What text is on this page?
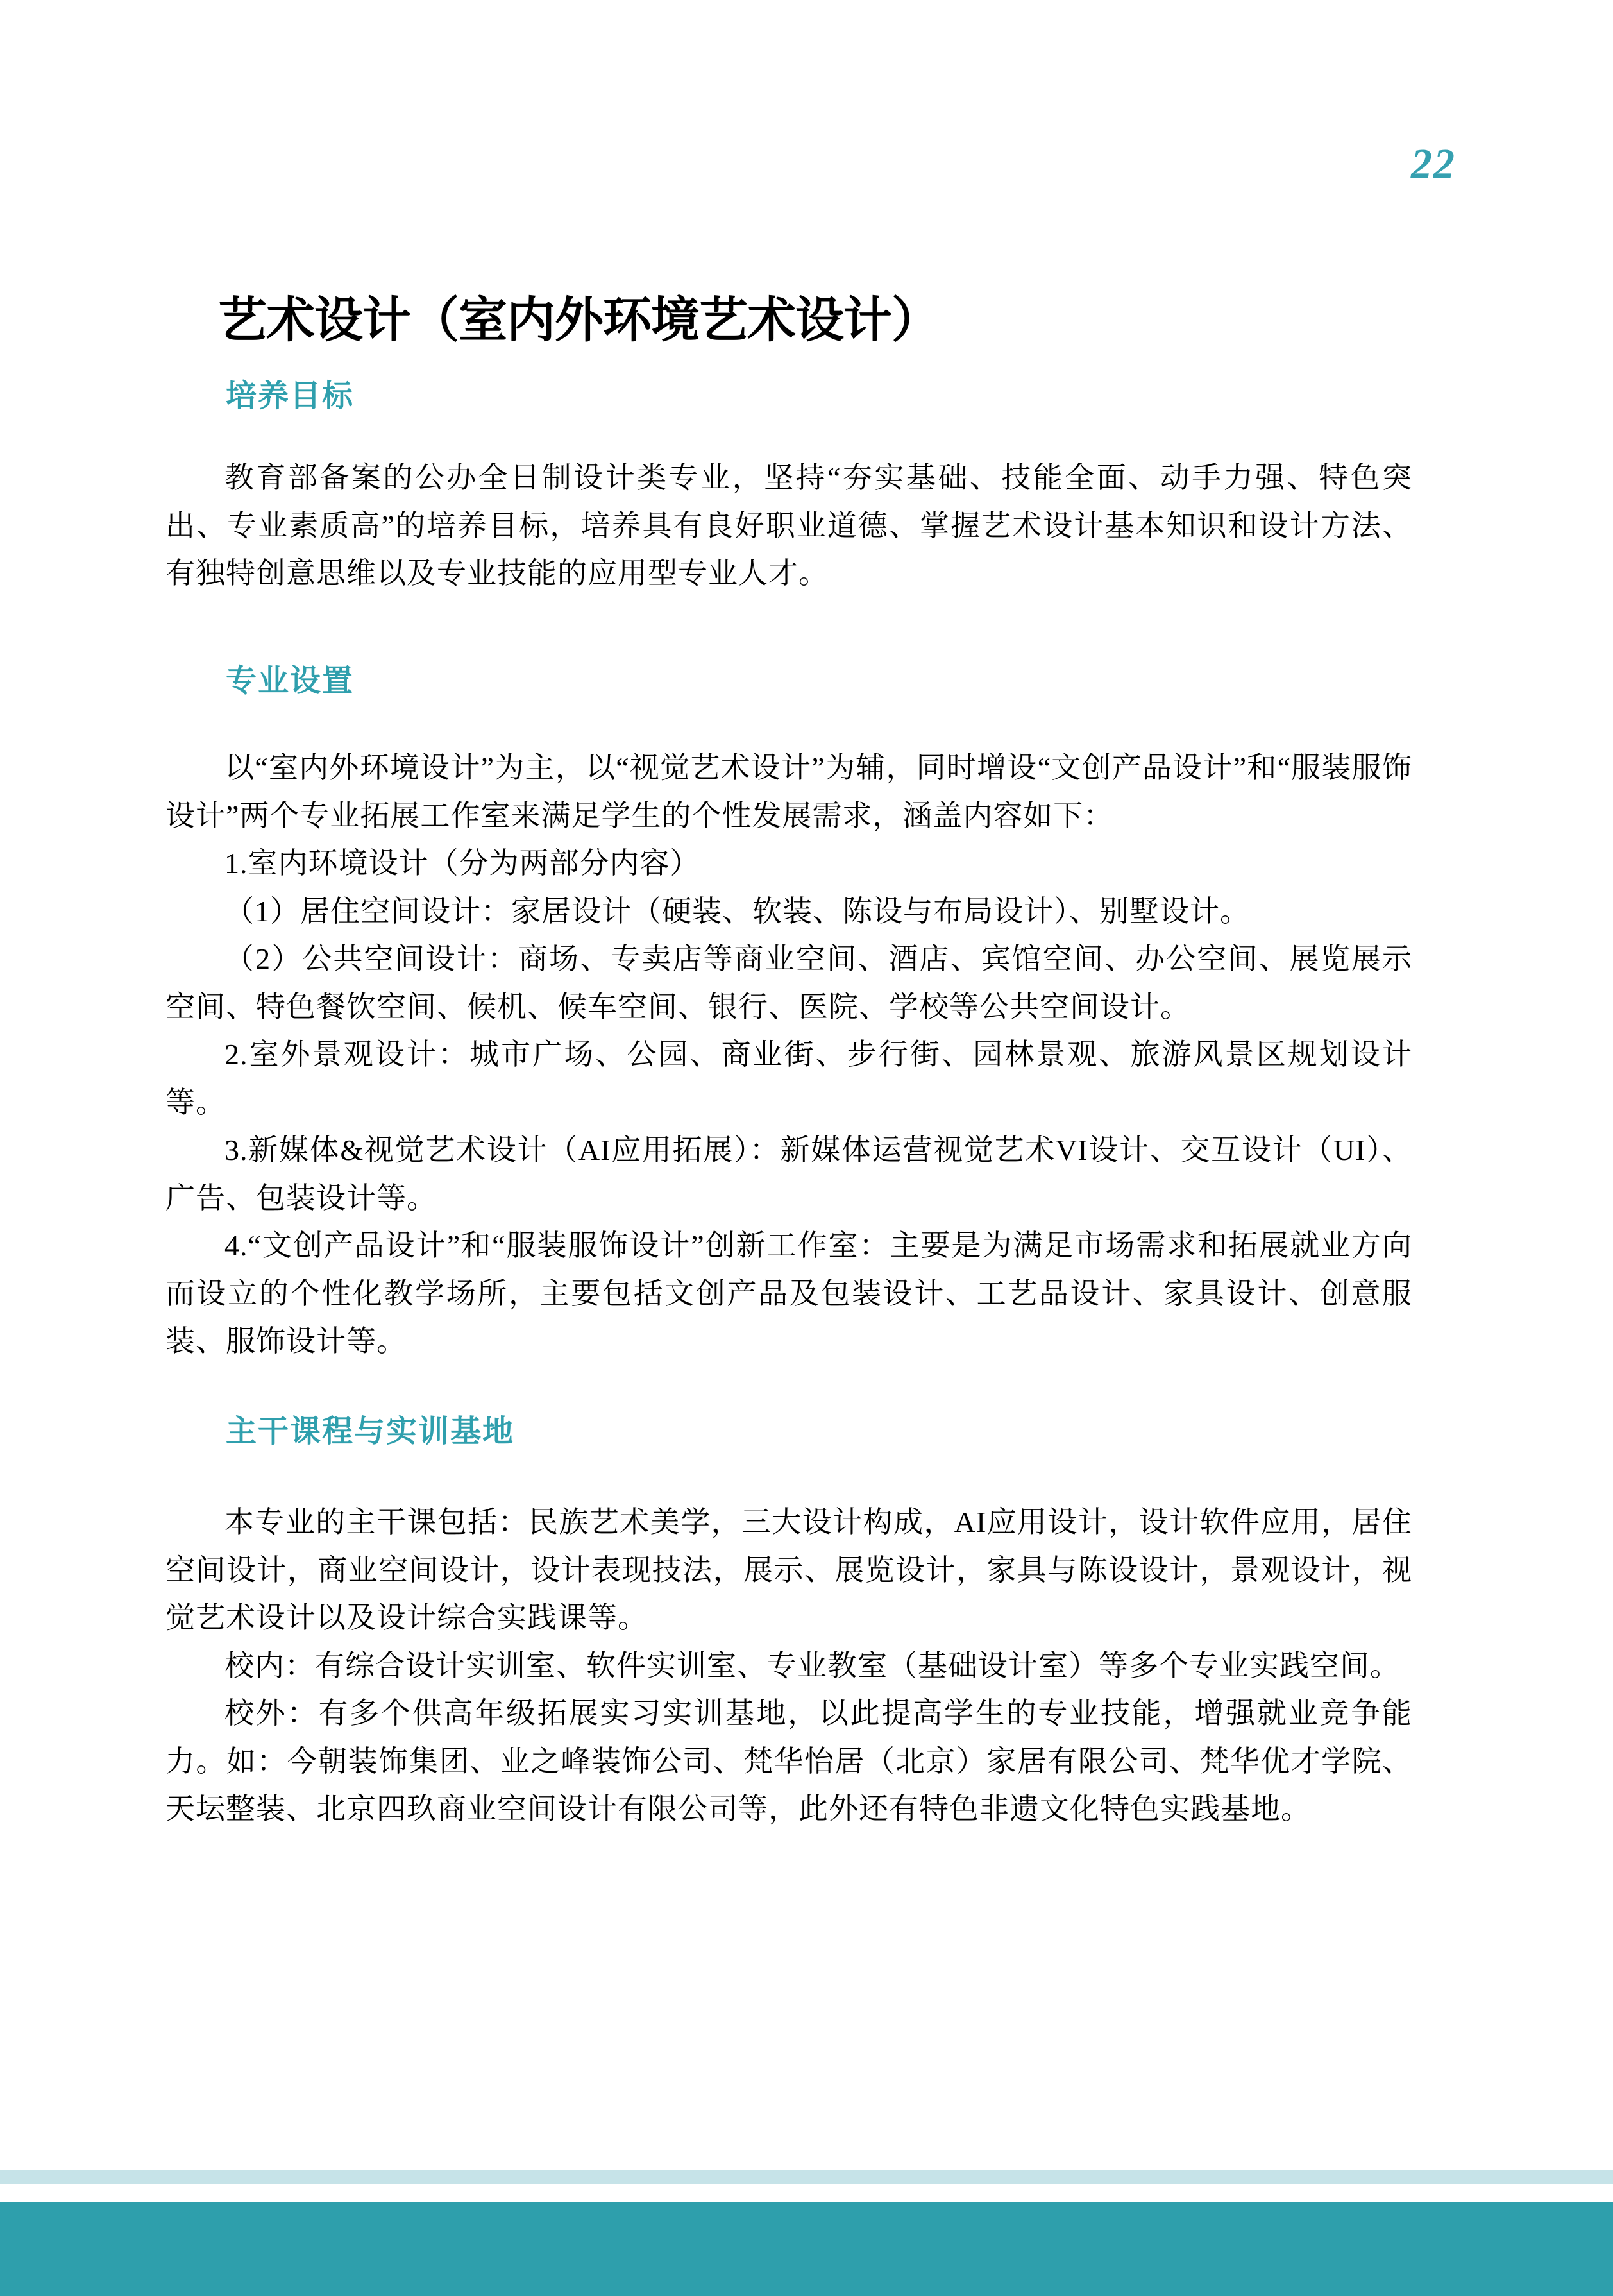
22
艺术设计（室内外环境艺术设计）
培养目标

教育部备案的公办全日制设计类专业，坚持“夯实基础、技能全面、动手力强、特色突出、专业素质高”的培养目标，培养具有良好职业道德、掌握艺术设计基本知识和设计方法、有独特创意思维以及专业技能的应用型专业人才。

专业设置

以“室内外环境设计”为主，以“视觉艺术设计”为辅，同时增设“文创产品设计”和“服装服饰设计”两个专业拓展工作室来满足学生的个性发展需求，涵盖内容如下：

1.室内环境设计（分为两部分内容）

（1）居住空间设计：家居设计（硬装、软装、陈设与布局设计）、别墅设计。

（2）公共空间设计：商场、专卖店等商业空间、酒店、宾馆空间、办公空间、展览展示空间、特色餐饮空间、候机、候车空间、银行、医院、学校等公共空间设计。

2.室外景观设计：城市广场、公园、商业街、步行街、园林景观、旅游风景区规划设计等。

3.新媒体&视觉艺术设计（AI应用拓展）：新媒体运营视觉艺术VI设计、交互设计（UI）、广告、包装设计等。

4.“文创产品设计”和“服装服饰设计”创新工作室：主要是为满足市场需求和拓展就业方向而设立的个性化教学场所，主要包括文创产品及包装设计、工艺品设计、家具设计、创意服装、服饰设计等。

主干课程与实训基地

本专业的主干课包括：民族艺术美学，三大设计构成，AI应用设计，设计软件应用，居住空间设计，商业空间设计，设计表现技法，展示、展览设计，家具与陈设设计，景观设计，视觉艺术设计以及设计综合实践课等。

校内：有综合设计实训室、软件实训室、专业教室（基础设计室）等多个专业实践空间。

校外：有多个供高年级拓展实习实训基地，以此提高学生的专业技能，增强就业竞争能力。如：今朝装饰集团、业之峰装饰公司、梵华怡居（北京）家居有限公司、梵华优才学院、天坛整装、北京四玖商业空间设计有限公司等，此外还有特色非遗文化特色实践基地。
